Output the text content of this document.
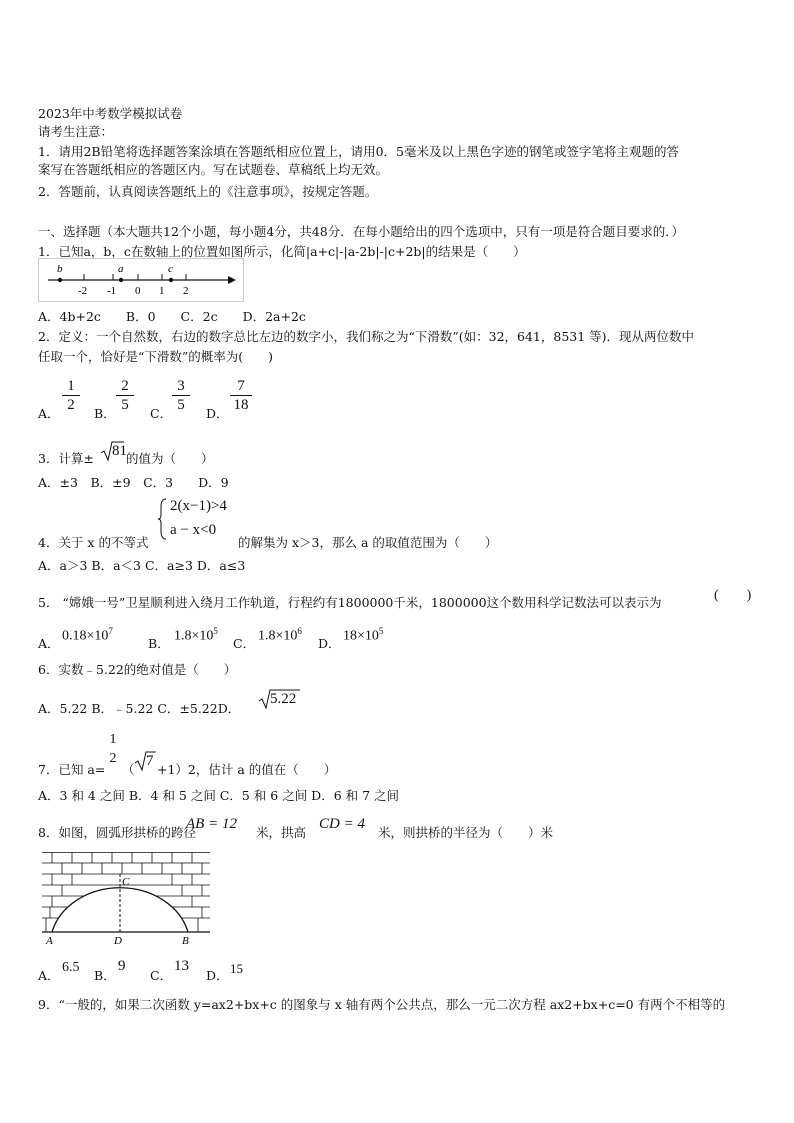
2023年中考数学模拟试卷
请考生注意：
1．请用2B铅笔将选择题答案涂填在答题纸相应位置上，请用0．5毫米及以上黑色字迹的钢笔或签字笔将主观题的答
案写在答题纸相应的答题区内。写在试题卷、草稿纸上均无效。
2．答题前，认真阅读答题纸上的《注意事项》，按规定答题。
一、选择题（本大题共12个小题，每小题4分，共48分．在每小题给出的四个选项中，只有一项是符合题目要求的．）
1．已知a，b，c在数轴上的位置如图所示，化简|a+c|-|a-2b|-|c+2b|的结果是（　　）
b	a	c
-2 -1 0 1 2
A．4b+2c　　B．0　　C．2c　　D．2a+2c
2．定义：一个自然数，右边的数字总比左边的数字小，我们称之为“下滑数”(如：32，641，8531 等)．现从两位数中
任取一个，恰好是“下滑数”的概率为(　　)
A．
1
2
B．
2
5
C．
3
5
D．
7
18
3．计算± 81 的值为（　　）
A．±3　B．±9　C．3　　D．9
2(x−1)>4
a − x<0
4．关于 x 的不等式	的解集为 x＞3，那么 a 的取值范围为（　　）
A．a＞3 B．a＜3 C．a≥3 D．a≤3
5． “嫦娥一号”卫星顺利进入绕月工作轨道，行程约有1800000千米，1800000这个数用科学记数法可以表示为	(　　)
A． $0.18\times 10^7$
B． $1.8\times 10^5$
C． $1.8\times 10^6$
D． $18\times 10^5$
6．实数﹣5.22的绝对值是（　　）
A．5.22 B．﹣5.22 C．±5.22D．
5.22
1
2
7．已知 a= （
7
+1）2，估计 a 的值在（　　）
A．3 和 4 之间 B．4 和 5 之间 C．5 和 6 之间 D．6 和 7 之间
8．如图，圆弧形拱桥的跨径
AB = 12
米，拱高
CD = 4
米，则拱桥的半径为（　　）米
C
A	D	B
A．
6.5
B．
9
C．
13
D． 15
9．“一般的，如果二次函数 y=ax2+bx+c 的图象与 x 轴有两个公共点，那么一元二次方程 ax2+bx+c=0 有两个不相等的
